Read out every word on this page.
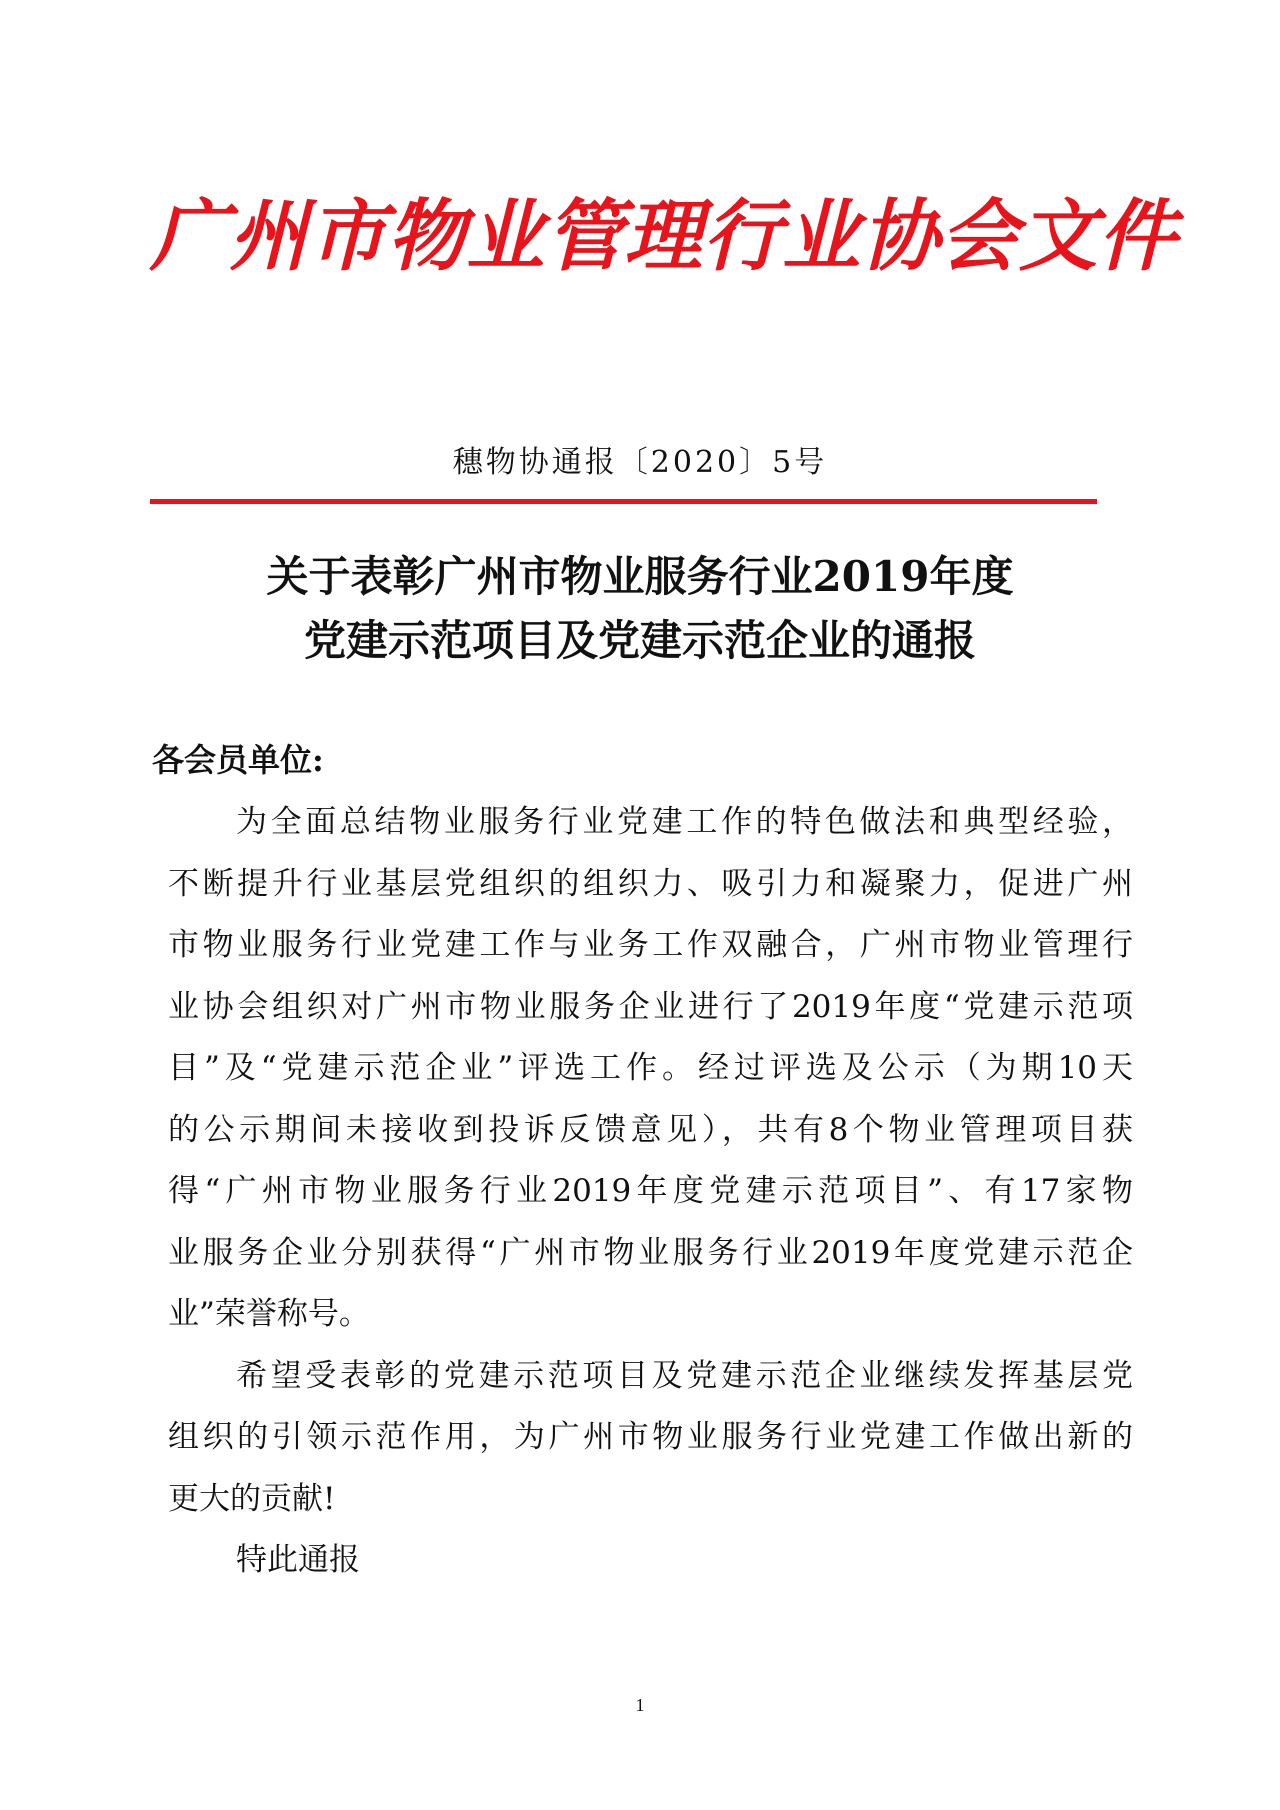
广州市物业管理行业协会文件
穗物协通报〔2020〕5号
关于表彰广州市物业服务行业2019年度
党建示范项目及党建示范企业的通报
各会员单位:
为全面总结物业服务行业党建工作的特色做法和典型经验，
不断提升行业基层党组织的组织力、吸引力和凝聚力，促进广州
市物业服务行业党建工作与业务工作双融合，广州市物业管理行
业协会组织对广州市物业服务企业进行了2019年度“党建示范项
目”及“党建示范企业”评选工作。经过评选及公示（为期10天
的公示期间未接收到投诉反馈意见），共有8个物业管理项目获
得“广州市物业服务行业2019年度党建示范项目”、有17家物
业服务企业分别获得“广州市物业服务行业2019年度党建示范企
业”荣誉称号。
希望受表彰的党建示范项目及党建示范企业继续发挥基层党
组织的引领示范作用，为广州市物业服务行业党建工作做出新的
更大的贡献!
特此通报
1
